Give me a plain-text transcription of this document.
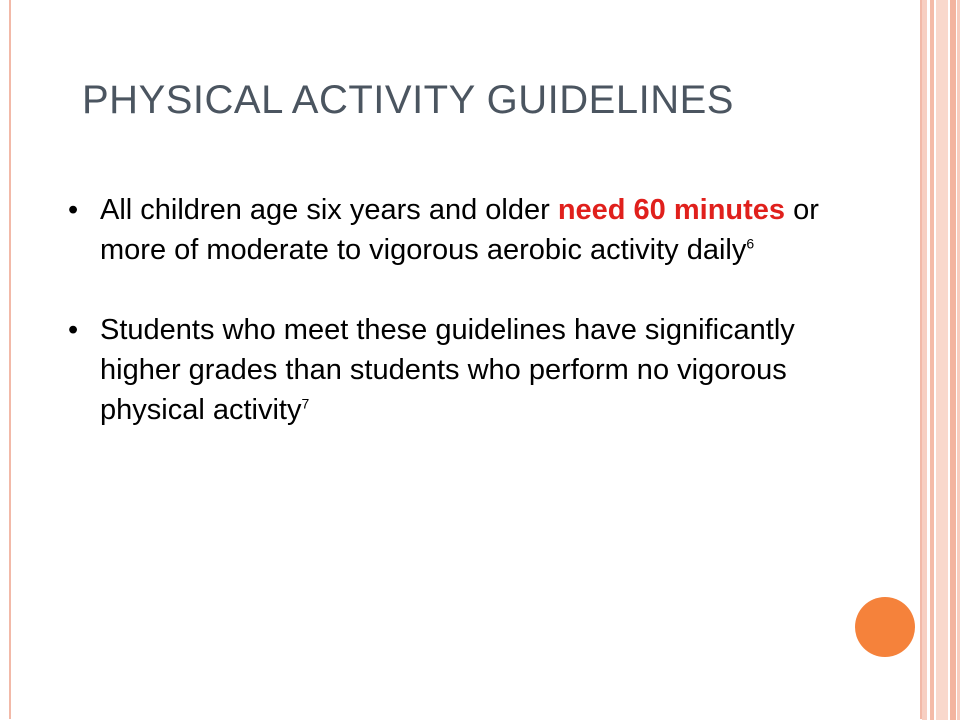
PHYSICAL ACTIVITY GUIDELINES
• All children age six years and older need 60 minutes or more of moderate to vigorous aerobic activity daily$^6$
• Students who meet these guidelines have significantly higher grades than students who perform no vigorous physical activity$^7$
